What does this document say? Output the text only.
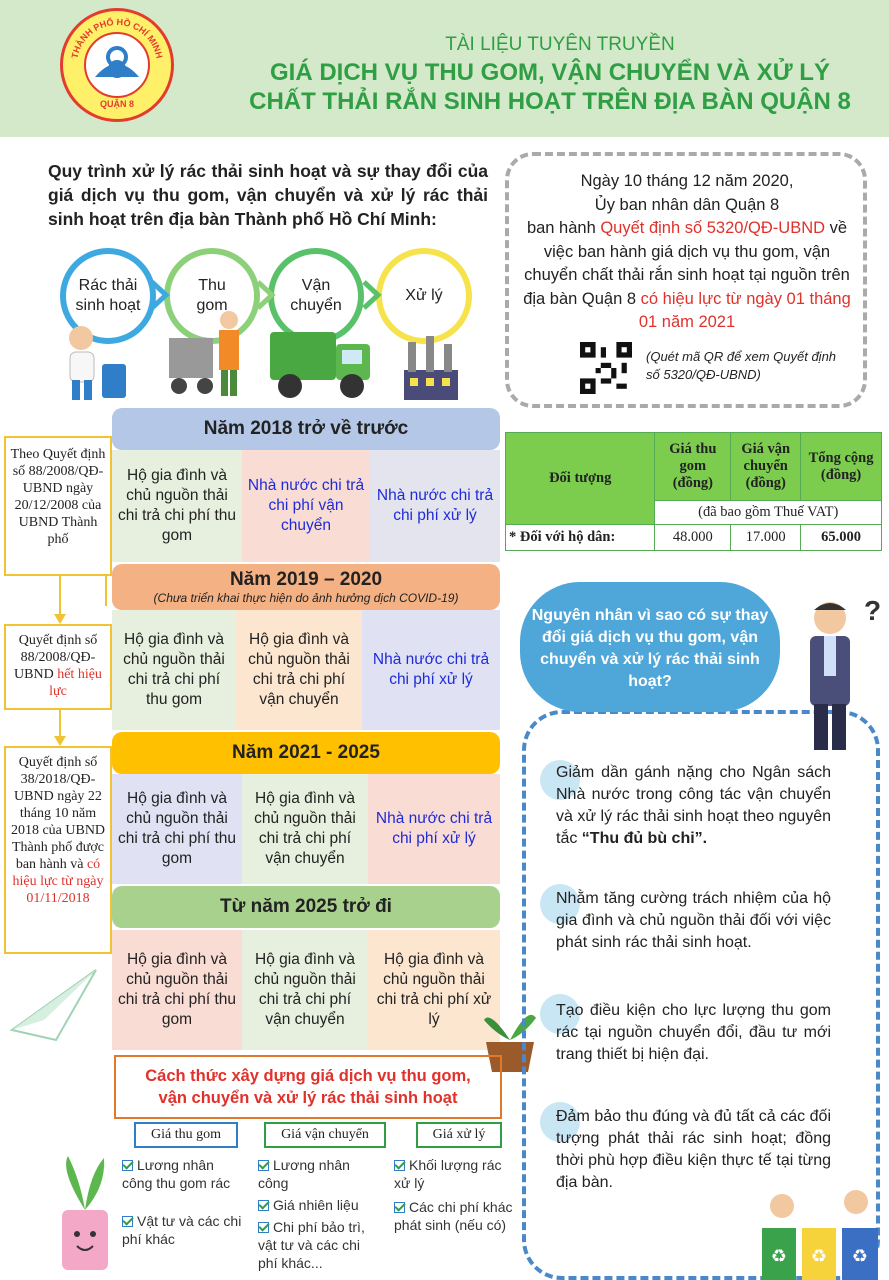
THÀNH PHỐ HỒ CHÍ MINH
QUẬN 8
TÀI LIỆU TUYÊN TRUYỀN
GIÁ DỊCH VỤ THU GOM, VẬN CHUYỂN VÀ XỬ LÝ
CHẤT THẢI RẮN SINH HOẠT TRÊN ĐỊA BÀN QUẬN 8
Quy trình xử lý rác thải sinh hoạt và sự thay đổi của giá dịch vụ thu gom, vận chuyển và xử lý rác thải sinh hoạt trên địa bàn Thành phố Hồ Chí Minh:
Rác thải sinh hoạt
Thu gom
Vận chuyển
Xử lý
Ngày 10 tháng 12 năm 2020,
Ủy ban nhân dân Quận 8
ban hành Quyết định số 5320/QĐ-UBND về việc ban hành giá dịch vụ thu gom, vận chuyển chất thải rắn sinh hoạt tại nguồn trên địa bàn Quận 8 có hiệu lực từ ngày 01 tháng 01 năm 2021
(Quét mã QR để xem Quyết định số 5320/QĐ-UBND)
Đối tượng	Giá thu gom (đồng)	Giá vận chuyển (đồng)	Tổng cộng (đồng)
	(đã bao gồm Thuế VAT)		
* Đối với hộ dân:	48.000	17.000	65.000
Theo Quyết định số 88/2008/QĐ-UBND ngày 20/12/2008 của UBND Thành phố
Quyết định số 88/2008/QĐ-UBND hết hiệu lực
Quyết định số 38/2018/QĐ-UBND ngày 22 tháng 10 năm 2018 của UBND Thành phố được ban hành và có hiệu lực từ ngày 01/11/2018
Năm 2018 trở về trước
Hộ gia đình và chủ nguồn thải chi trả chi phí thu gom
Nhà nước chi trả chi phí vận chuyển
Nhà nước chi trả chi phí xử lý
Năm 2019 – 2020
(Chưa triển khai thực hiện do ảnh hưởng dịch COVID-19)
Hộ gia đình và chủ nguồn thải chi trả chi phí thu gom
Hộ gia đình và chủ nguồn thải chi trả chi phí vận chuyển
Nhà nước chi trả chi phí xử lý
Năm 2021 - 2025
Hộ gia đình và chủ nguồn thải chi trả chi phí thu gom
Hộ gia đình và chủ nguồn thải chi trả chi phí vận chuyển
Nhà nước chi trả chi phí xử lý
Từ năm 2025 trở đi
Hộ gia đình và chủ nguồn thải chi trả chi phí thu gom
Hộ gia đình và chủ nguồn thải chi trả chi phí vận chuyển
Hộ gia đình và chủ nguồn thải chi trả chi phí xử lý
Nguyên nhân vì sao có sự thay đổi giá dịch vụ thu gom, vận chuyển và xử lý rác thải sinh hoạt?
?
Giảm dần gánh nặng cho Ngân sách Nhà nước trong công tác vận chuyển và xử lý rác thải sinh hoạt theo nguyên tắc “Thu đủ bù chi”.
Nhằm tăng cường trách nhiệm của hộ gia đình và chủ nguồn thải đối với việc phát sinh rác thải sinh hoạt.
Tạo điều kiện cho lực lượng thu gom rác tại nguồn chuyển đổi, đầu tư mới trang thiết bị hiện đại.
Đảm bảo thu đúng và đủ tất cả các đối tượng phát thải rác sinh hoạt; đồng thời phù hợp điều kiện thực tế tại từng địa bàn.
♻ ♻ ♻
Cách thức xây dựng giá dịch vụ thu gom,
vận chuyển và xử lý rác thải sinh hoạt
Giá thu gom	Giá vận chuyển	Giá xử lý
Lương nhân công thu gom rác
Vật tư và các chi phí khác
Lương nhân công
Giá nhiên liệu
Chi phí bảo trì, vật tư và các chi phí khác...
Khối lượng rác xử lý
Các chi phí khác phát sinh (nếu có)
